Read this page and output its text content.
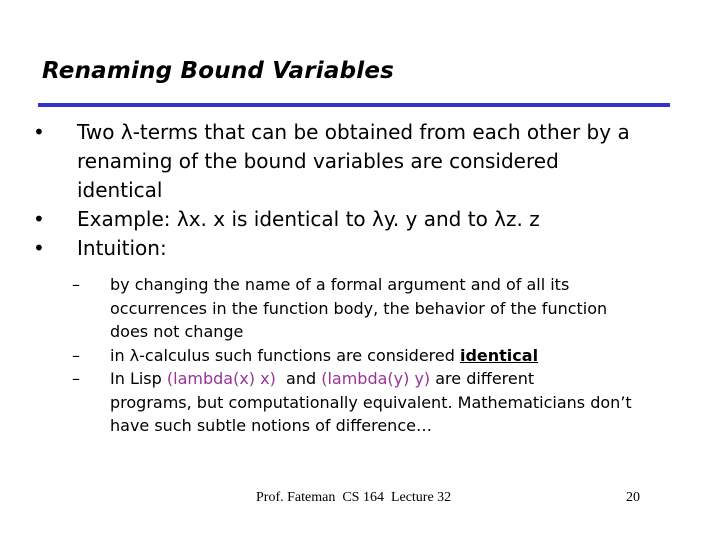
Renaming Bound Variables
• Two λ-terms that can be obtained from each other by a
renaming of the bound variables are considered
identical
• Example: λx. x is identical to λy. y and to λz. z
• Intuition:
– by changing the name of a formal argument and of all its
occurrences in the function body, the behavior of the function
does not change
– in λ-calculus such functions are considered identical
– In Lisp (lambda(x) x)  and (lambda(y) y) are different
programs, but computationally equivalent. Mathematicians don’t
have such subtle notions of difference…
Prof. Fateman  CS 164  Lecture 32	20
